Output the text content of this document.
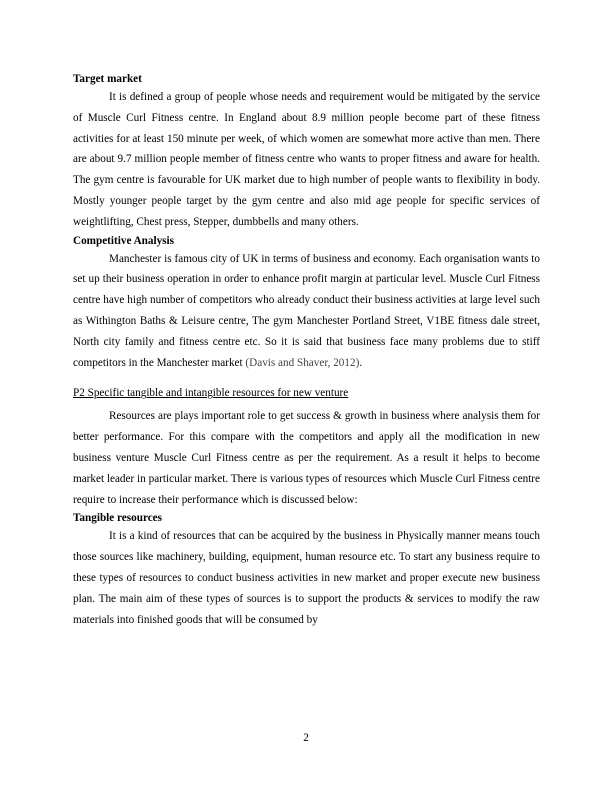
Target market

It is defined a group of people whose needs and requirement would be mitigated by the service of Muscle Curl Fitness centre. In England about 8.9 million people become part of these fitness activities for at least 150 minute per week, of which women are somewhat more active than men. There are about 9.7 million people member of fitness centre who wants to proper fitness and aware for health. The gym centre is favourable for UK market due to high number of people wants to flexibility in body. Mostly younger people target by the gym centre and also mid age people for specific services of weightlifting, Chest press, Stepper, dumbbells and many others.

Competitive Analysis

Manchester is famous city of UK in terms of business and economy. Each organisation wants to set up their business operation in order to enhance profit margin at particular level. Muscle Curl Fitness centre have high number of competitors who already conduct their business activities at large level such as Withington Baths & Leisure centre, The gym Manchester Portland Street, V1BE fitness dale street, North city family and fitness centre etc. So it is said that business face many problems due to stiff competitors in the Manchester market (Davis and Shaver, 2012).

P2 Specific tangible and intangible resources for new venture

Resources are plays important role to get success & growth in business where analysis them for better performance. For this compare with the competitors and apply all the modification in new business venture Muscle Curl Fitness centre as per the requirement. As a result it helps to become market leader in particular market. There is various types of resources which Muscle Curl Fitness centre require to increase their performance which is discussed below:

Tangible resources

It is a kind of resources that can be acquired by the business in Physically manner means touch those sources like machinery, building, equipment, human resource etc. To start any business require to these types of resources to conduct business activities in new market and proper execute new business plan. The main aim of these types of sources is to support the products & services to modify the raw materials into finished goods that will be consumed by

2
